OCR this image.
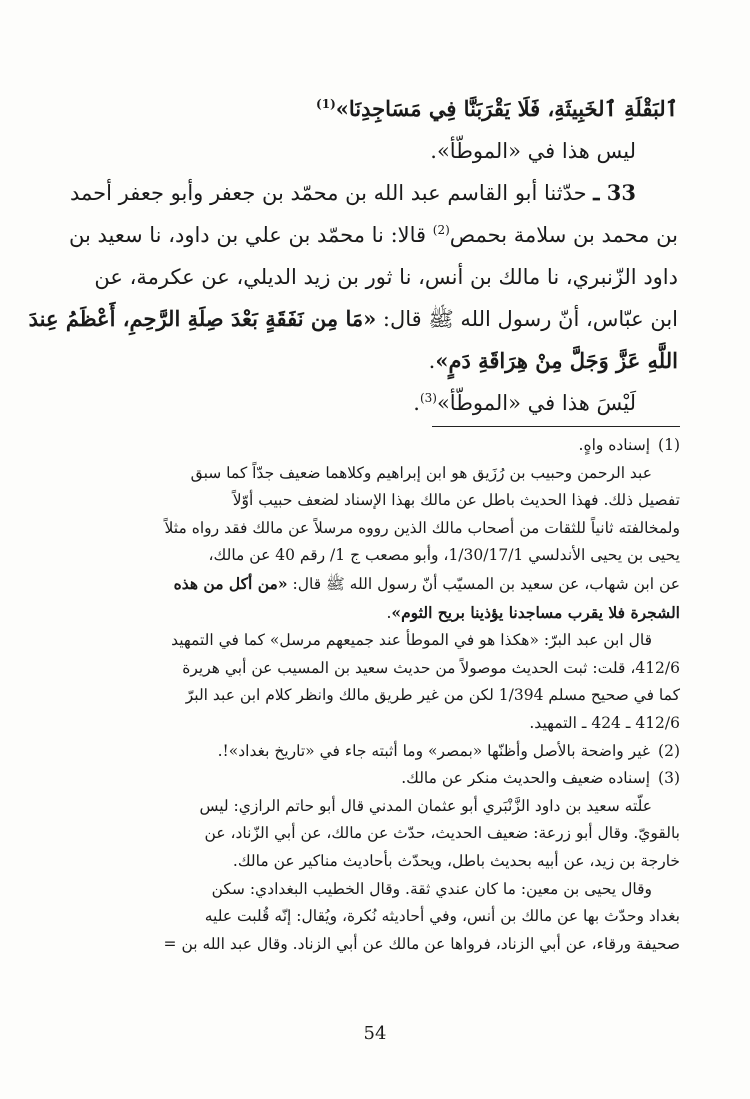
ٱلبَقْلَةِ ٱلخَبِيثَةِ، فَلَا يَقْرَبَنَّا فِي مَسَاجِدِنَا»$^{(1)}$
ليس هذا في «الموطّأ».
33 ـ حدّثنا أبو القاسم عبد الله بن محمّد بن جعفر وأبو جعفر أحمد
بن محمد بن سلامة بحمص$^{(2)}$ قالا: نا محمّد بن علي بن داود، نا سعيد بن
داود الزّنبري، نا مالك بن أنس، نا ثور بن زيد الديلي، عن عكرمة، عن
ابن عبّاس، أنّ رسول الله ﷺ قال: «مَا مِن نَفَقَةٍ بَعْدَ صِلَةِ الرَّحِمِ، أَعْظَمُ عِندَ
اللَّهِ عَزَّ وَجَلَّ مِنْ هِرَاقَةِ دَمٍ».
لَيْسَ هذا في «الموطّأ»$^{(3)}$.

(1)إسناده واهٍ.
عبد الرحمن وحبيب بن رُزَيق هو ابن إبراهيم وكلاهما ضعيف جدّاً كما سبق
تفصيل ذلك. فهذا الحديث باطل عن مالك بهذا الإسناد لضعف حبيب أوّلاً
ولمخالفته ثانياً للثقات من أصحاب مالك الذين رووه مرسلاً عن مالك فقد رواه مثلاً
يحيى بن يحيى الأندلسي 1/30/17/1، وأبو مصعب ج 1/ رقم 40 عن مالك،
عن ابن شهاب، عن سعيد بن المسيّب أنّ رسول الله ﷺ قال: «من أكل من هذه
الشجرة فلا يقرب مساجدنا يؤذينا بريح الثوم».
قال ابن عبد البرّ: «هكذا هو في الموطأ عند جميعهم مرسل» كما في التمهيد
412/6، قلت: ثبت الحديث موصولاً من حديث سعيد بن المسيب عن أبي هريرة
كما في صحيح مسلم 1/394 لكن من غير طريق مالك وانظر كلام ابن عبد البرّ
412/6 ـ 424 ـ التمهيد.
(2)غير واضحة بالأصل وأظنّها «بمصر» وما أثبته جاء في «تاريخ بغداد»!.
(3)إسناده ضعيف والحديث منكر عن مالك.
علّته سعيد بن داود الزَّنْبَري أبو عثمان المدني قال أبو حاتم الرازي: ليس
بالقويّ. وقال أبو زرعة: ضعيف الحديث، حدّث عن مالك، عن أبي الزّناد، عن
خارجة بن زيد، عن أبيه بحديث باطل، ويحدّث بأحاديث مناكير عن مالك.
وقال يحيى بن معين: ما كان عندي ثقة. وقال الخطيب البغدادي: سكن
بغداد وحدّث بها عن مالك بن أنس، وفي أحاديثه نُكرة، ويُقال: إنّه قُلبت عليه
صحيفة ورقاء، عن أبي الزناد، فرواها عن مالك عن أبي الزناد. وقال عبد الله بن =
54
